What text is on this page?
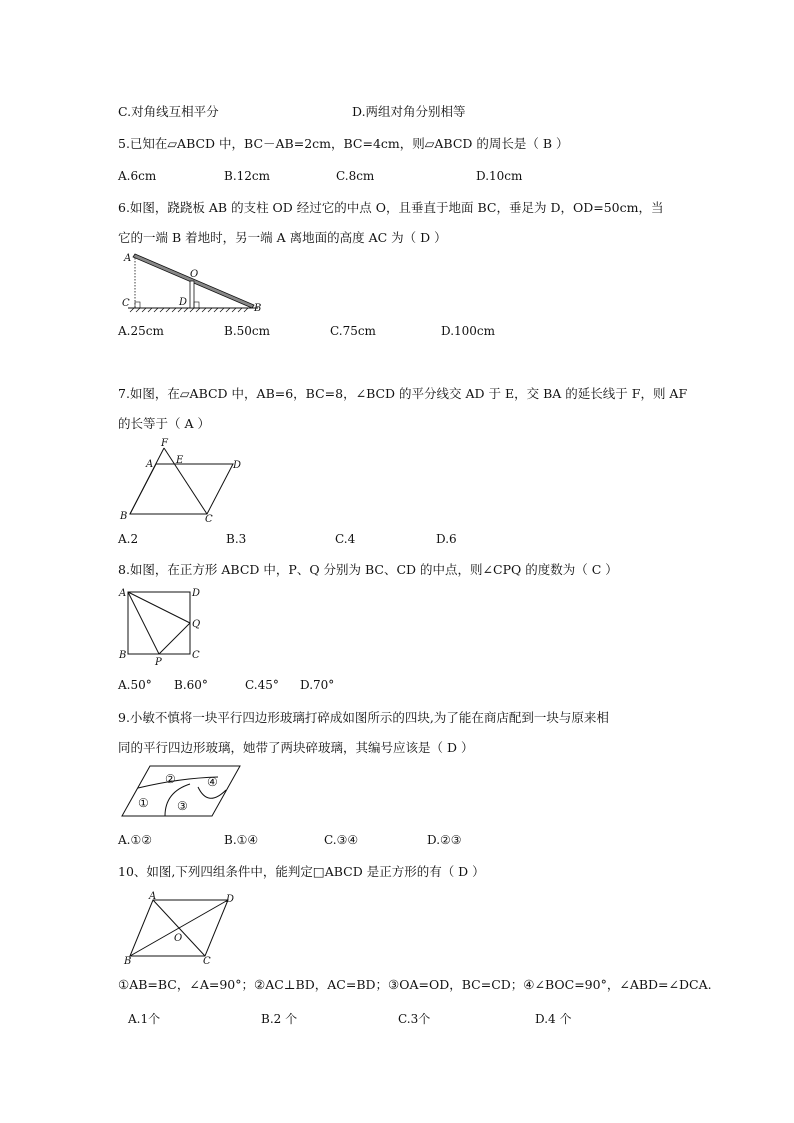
C.对角线互相平分	D.两组对角分别相等
5.已知在▱ABCD 中，BC－AB=2cm，BC=4cm，则▱ABCD 的周长是（ B ）
A.6cm	B.12cm	C.8cm	D.10cm
6.如图，跷跷板 AB 的支柱 OD 经过它的中点 O，且垂直于地面 BC，垂足为 D，OD=50cm，当
它的一端 B 着地时，另一端 A 离地面的高度 AC 为（ D ）
A
O
C	D
B
A.25cm	B.50cm	C.75cm	D.100cm
7.如图，在▱ABCD 中，AB=6，BC=8，∠BCD 的平分线交 AD 于 E，交 BA 的延长线于 F，则 AF
的长等于（ A ）
F
A E	D
B	C
A.2	B.3	C.4	D.6
8.如图，在正方形 ABCD 中，P、Q 分别为 BC、CD 的中点，则∠CPQ 的度数为（ C ）
A	D
Q
B
P
C
A.50° B.60°	C.45° D.70°
9.小敏不慎将一块平行四边形玻璃打碎成如图所示的四块,为了能在商店配到一块与原来相
同的平行四边形玻璃，她带了两块碎玻璃，其编号应该是（ D ）
②	④
① ③
A.①②	B.①④	C.③④	D.②③
10、如图,下列四组条件中，能判定□ABCD 是正方形的有（ D ）
A	D
O
B	C
①AB=BC，∠A=90°；②AC⊥BD，AC=BD；③OA=OD，BC=CD；④∠BOC=90°，∠ABD=∠DCA.
A.1个	B.2 个	C.3个	D.4 个
